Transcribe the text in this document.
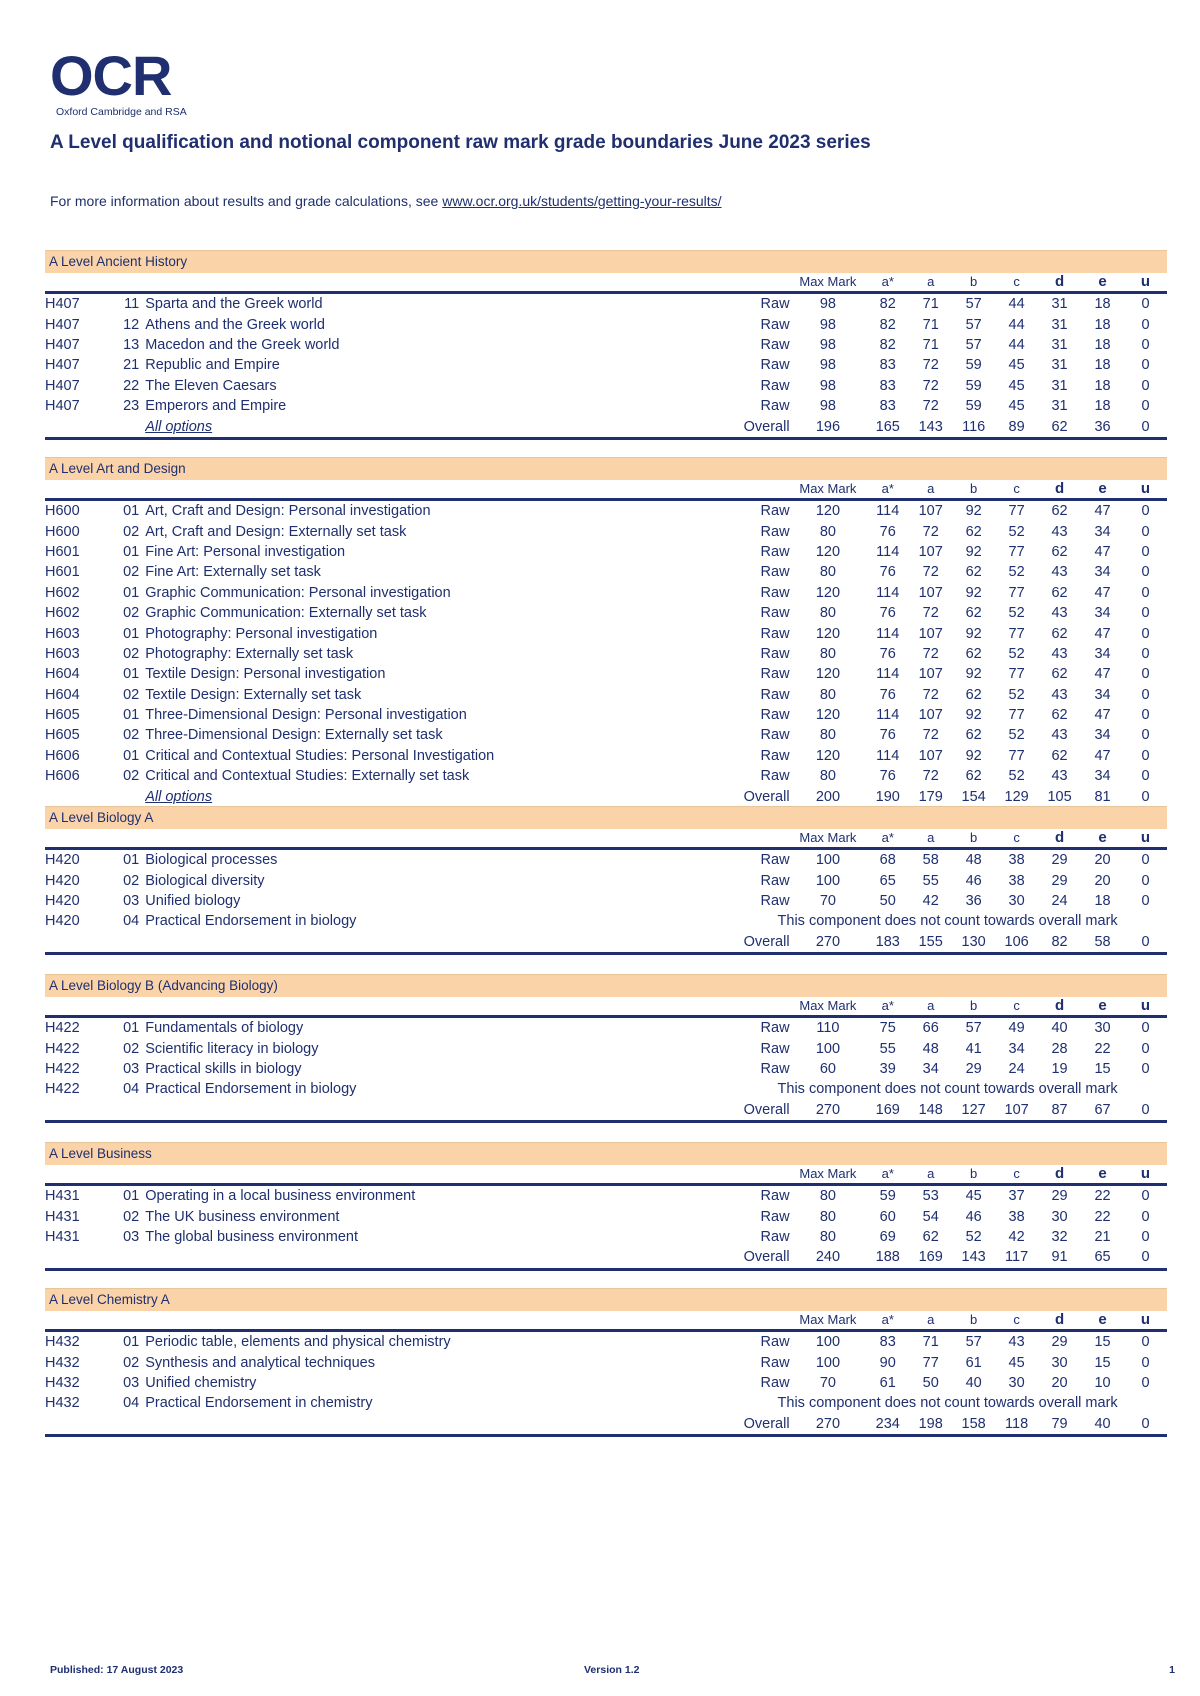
OCR
Oxford Cambridge and RSA
A Level qualification and notional component raw mark grade boundaries June 2023 series
For more information about results and grade calculations, see www.ocr.org.uk/students/getting-your-results/
A Level Ancient History
				Max Mark	a*	a	b	c	d	e	u
H407	11	Sparta and the Greek world	Raw	98	82	71	57	44	31	18	0
H407	12	Athens and the Greek world	Raw	98	82	71	57	44	31	18	0
H407	13	Macedon and the Greek world	Raw	98	82	71	57	44	31	18	0
H407	21	Republic and Empire	Raw	98	83	72	59	45	31	18	0
H407	22	The Eleven Caesars	Raw	98	83	72	59	45	31	18	0
H407	23	Emperors and Empire	Raw	98	83	72	59	45	31	18	0
		All options	Overall	196	165	143	116	89	62	36	0
A Level Art and Design
				Max Mark	a*	a	b	c	d	e	u
H600	01	Art, Craft and Design: Personal investigation	Raw	120	114	107	92	77	62	47	0
H600	02	Art, Craft and Design: Externally set task	Raw	80	76	72	62	52	43	34	0
H601	01	Fine Art: Personal investigation	Raw	120	114	107	92	77	62	47	0
H601	02	Fine Art: Externally set task	Raw	80	76	72	62	52	43	34	0
H602	01	Graphic Communication: Personal investigation	Raw	120	114	107	92	77	62	47	0
H602	02	Graphic Communication: Externally set task	Raw	80	76	72	62	52	43	34	0
H603	01	Photography: Personal investigation	Raw	120	114	107	92	77	62	47	0
H603	02	Photography: Externally set task	Raw	80	76	72	62	52	43	34	0
H604	01	Textile Design: Personal investigation	Raw	120	114	107	92	77	62	47	0
H604	02	Textile Design: Externally set task	Raw	80	76	72	62	52	43	34	0
H605	01	Three-Dimensional Design: Personal investigation	Raw	120	114	107	92	77	62	47	0
H605	02	Three-Dimensional Design: Externally set task	Raw	80	76	72	62	52	43	34	0
H606	01	Critical and Contextual Studies: Personal Investigation	Raw	120	114	107	92	77	62	47	0
H606	02	Critical and Contextual Studies: Externally set task	Raw	80	76	72	62	52	43	34	0
		All options	Overall	200	190	179	154	129	105	81	0
A Level Biology A
				Max Mark	a*	a	b	c	d	e	u
H420	01	Biological processes	Raw	100	68	58	48	38	29	20	0
H420	02	Biological diversity	Raw	100	65	55	46	38	29	20	0
H420	03	Unified biology	Raw	70	50	42	36	30	24	18	0
H420	04	Practical Endorsement in biology	This component does not count towards overall mark								
			Overall	270	183	155	130	106	82	58	0
A Level Biology B (Advancing Biology)
				Max Mark	a*	a	b	c	d	e	u
H422	01	Fundamentals of biology	Raw	110	75	66	57	49	40	30	0
H422	02	Scientific literacy in biology	Raw	100	55	48	41	34	28	22	0
H422	03	Practical skills in biology	Raw	60	39	34	29	24	19	15	0
H422	04	Practical Endorsement in biology	This component does not count towards overall mark								
			Overall	270	169	148	127	107	87	67	0
A Level Business
				Max Mark	a*	a	b	c	d	e	u
H431	01	Operating in a local business environment	Raw	80	59	53	45	37	29	22	0
H431	02	The UK business environment	Raw	80	60	54	46	38	30	22	0
H431	03	The global business environment	Raw	80	69	62	52	42	32	21	0
			Overall	240	188	169	143	117	91	65	0
A Level Chemistry A
				Max Mark	a*	a	b	c	d	e	u
H432	01	Periodic table, elements and physical chemistry	Raw	100	83	71	57	43	29	15	0
H432	02	Synthesis and analytical techniques	Raw	100	90	77	61	45	30	15	0
H432	03	Unified chemistry	Raw	70	61	50	40	30	20	10	0
H432	04	Practical Endorsement in chemistry	This component does not count towards overall mark								
			Overall	270	234	198	158	118	79	40	0
Published: 17 August 2023	Version 1.2	1
